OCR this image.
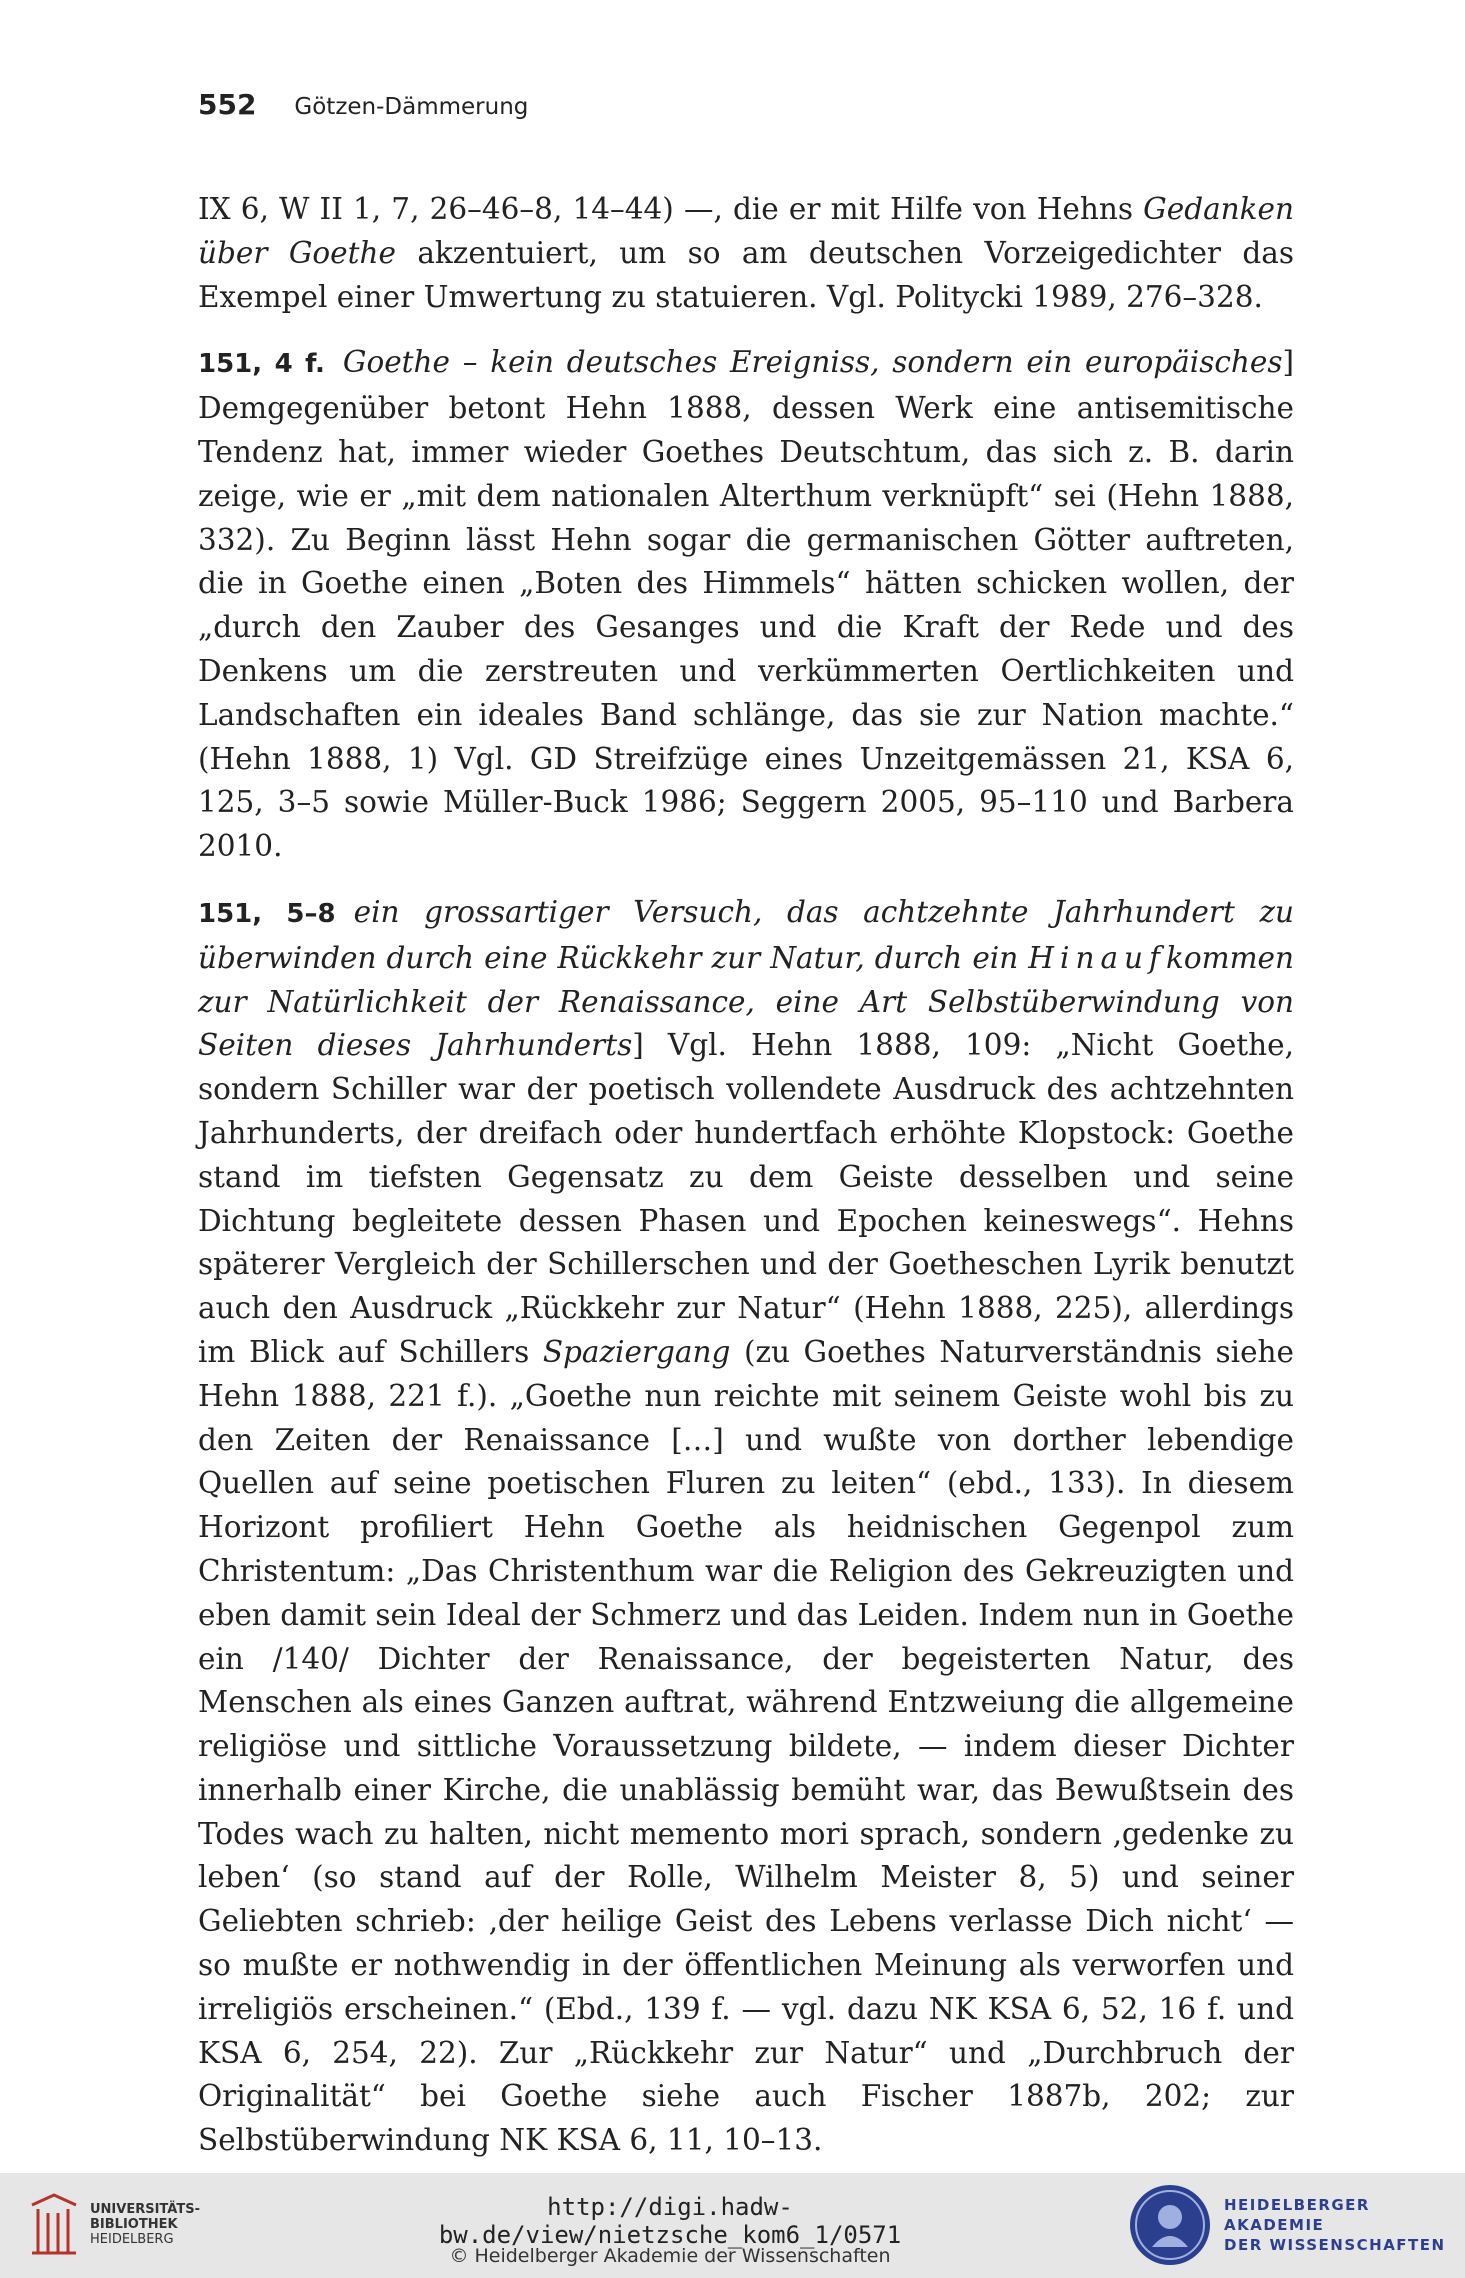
552 Götzen-Dämmerung

IX 6, W II 1, 7, 26–46–8, 14–44) —, die er mit Hilfe von Hehns Gedanken über Goethe akzentuiert, um so am deutschen Vorzeigedichter das Exempel einer Umwertung zu statuieren. Vgl. Politycki 1989, 276–328.

151, 4 f. Goethe – kein deutsches Ereigniss, sondern ein europäisches] Demgegenüber betont Hehn 1888, dessen Werk eine antisemitische Tendenz hat, immer wieder Goethes Deutschtum, das sich z. B. darin zeige, wie er „mit dem nationalen Alterthum verknüpft“ sei (Hehn 1888, 332). Zu Beginn lässt Hehn sogar die germanischen Götter auftreten, die in Goethe einen „Boten des Himmels“ hätten schicken wollen, der „durch den Zauber des Gesanges und die Kraft der Rede und des Denkens um die zerstreuten und verkümmerten Oertlichkeiten und Landschaften ein ideales Band schlänge, das sie zur Nation machte.“ (Hehn 1888, 1) Vgl. GD Streifzüge eines Unzeitgemässen 21, KSA 6, 125, 3–5 sowie Müller-Buck 1986; Seggern 2005, 95–110 und Barbera 2010.

151, 5–8 ein grossartiger Versuch, das achtzehnte Jahrhundert zu überwinden durch eine Rückkehr zur Natur, durch ein Hinaufkommen zur Natürlichkeit der Renaissance, eine Art Selbstüberwindung von Seiten dieses Jahrhunderts] Vgl. Hehn 1888, 109: „Nicht Goethe, sondern Schiller war der poetisch vollendete Ausdruck des achtzehnten Jahrhunderts, der dreifach oder hundertfach erhöhte Klopstock: Goethe stand im tiefsten Gegensatz zu dem Geiste desselben und seine Dichtung begleitete dessen Phasen und Epochen keineswegs“. Hehns späterer Vergleich der Schillerschen und der Goetheschen Lyrik benutzt auch den Ausdruck „Rückkehr zur Natur“ (Hehn 1888, 225), allerdings im Blick auf Schillers Spaziergang (zu Goethes Naturverständnis siehe Hehn 1888, 221 f.). „Goethe nun reichte mit seinem Geiste wohl bis zu den Zeiten der Renaissance […] und wußte von dorther lebendige Quellen auf seine poetischen Fluren zu leiten“ (ebd., 133). In diesem Horizont profiliert Hehn Goethe als heidnischen Gegenpol zum Christentum: „Das Christenthum war die Religion des Gekreuzigten und eben damit sein Ideal der Schmerz und das Leiden. Indem nun in Goethe ein /140/ Dichter der Renaissance, der begeisterten Natur, des Menschen als eines Ganzen auftrat, während Entzweiung die allgemeine religiöse und sittliche Voraussetzung bildete, — indem dieser Dichter innerhalb einer Kirche, die unablässig bemüht war, das Bewußtsein des Todes wach zu halten, nicht memento mori sprach, sondern ‚gedenke zu leben‘ (so stand auf der Rolle, Wilhelm Meister 8, 5) und seiner Geliebten schrieb: ‚der heilige Geist des Lebens verlasse Dich nicht‘ — so mußte er nothwendig in der öffentlichen Meinung als verworfen und irreligiös erscheinen.“ (Ebd., 139 f. — vgl. dazu NK KSA 6, 52, 16 f. und KSA 6, 254, 22). Zur „Rückkehr zur Natur“ und „Durchbruch der Originalität“ bei Goethe siehe auch Fischer 1887b, 202; zur Selbstüberwindung NK KSA 6, 11, 10–13.

UNIVERSITÄTS-
BIBLIOTHEK
HEIDELBERG
http://digi.hadw-bw.de/view/nietzsche_kom6_1/0571
© Heidelberger Akademie der Wissenschaften
HEIDELBERGER AKADEMIE
DER WISSENSCHAFTEN
